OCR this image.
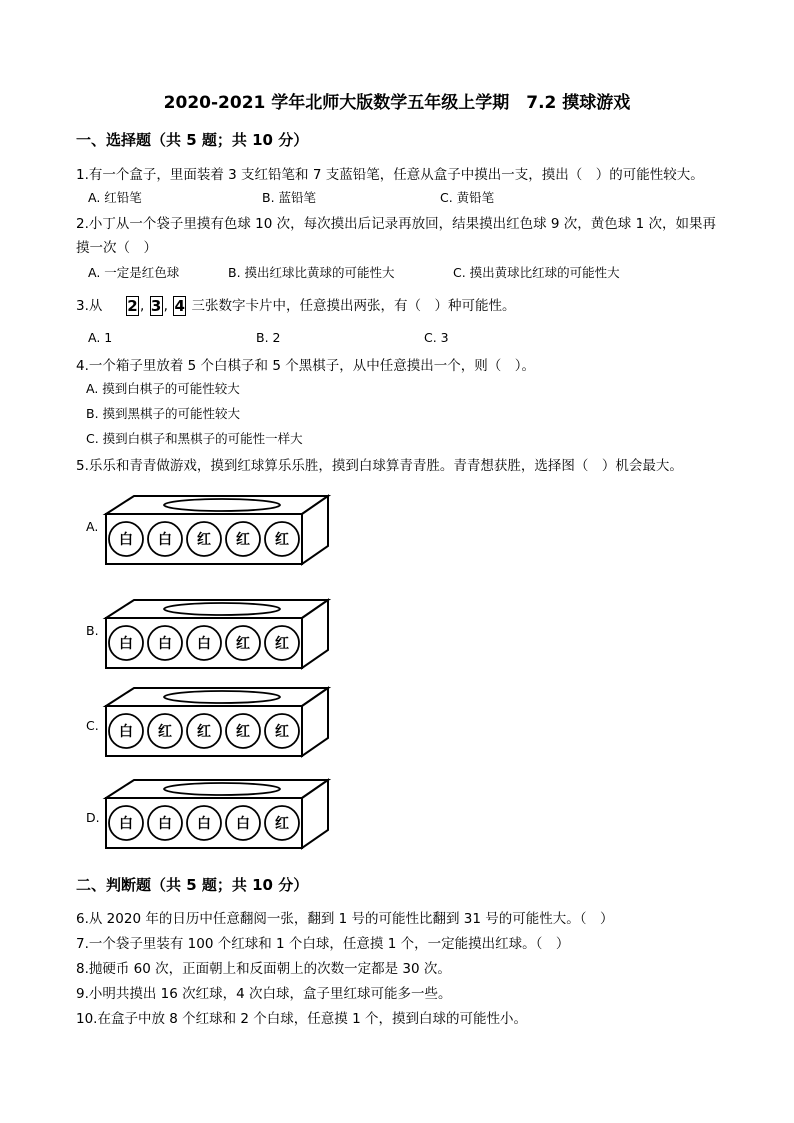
2020-2021 学年北师大版数学五年级上学期　7.2 摸球游戏
一、选择题（共 5 题；共 10 分）
1.有一个盒子，里面装着 3 支红铅笔和 7 支蓝铅笔，任意从盒子中摸出一支，摸出（　）的可能性较大。
A. 红铅笔	B. 蓝铅笔	C. 黄铅笔
2.小丁从一个袋子里摸有色球 10 次，每次摸出后记录再放回，结果摸出红色球 9 次，黄色球 1 次，如果再
摸一次（　）
A. 一定是红色球	B. 摸出红球比黄球的可能性大	C. 摸出黄球比红球的可能性大
3.从 2 , 3 , 4 三张数字卡片中，任意摸出两张，有（　）种可能性。
A. 1	B. 2	C. 3
4.一个箱子里放着 5 个白棋子和 5 个黑棋子，从中任意摸出一个，则（　）。
A. 摸到白棋子的可能性较大
B. 摸到黑棋子的可能性较大
C. 摸到白棋子和黑棋子的可能性一样大
5.乐乐和青青做游戏，摸到红球算乐乐胜，摸到白球算青青胜。青青想获胜，选择图（　）机会最大。
A.
白 白 红 红 红
B.
白 白 白 红 红
C. 白 红 红 红 红
D. 白 白 白 白 红
二、判断题（共 5 题；共 10 分）
6.从 2020 年的日历中任意翻阅一张，翻到 1 号的可能性比翻到 31 号的可能性大。（　）
7.一个袋子里装有 100 个红球和 1 个白球，任意摸 1 个，一定能摸出红球。（　）
8.抛硬币 60 次，正面朝上和反面朝上的次数一定都是 30 次。
9.小明共摸出 16 次红球，4 次白球，盒子里红球可能多一些。
10.在盒子中放 8 个红球和 2 个白球，任意摸 1 个，摸到白球的可能性小。
